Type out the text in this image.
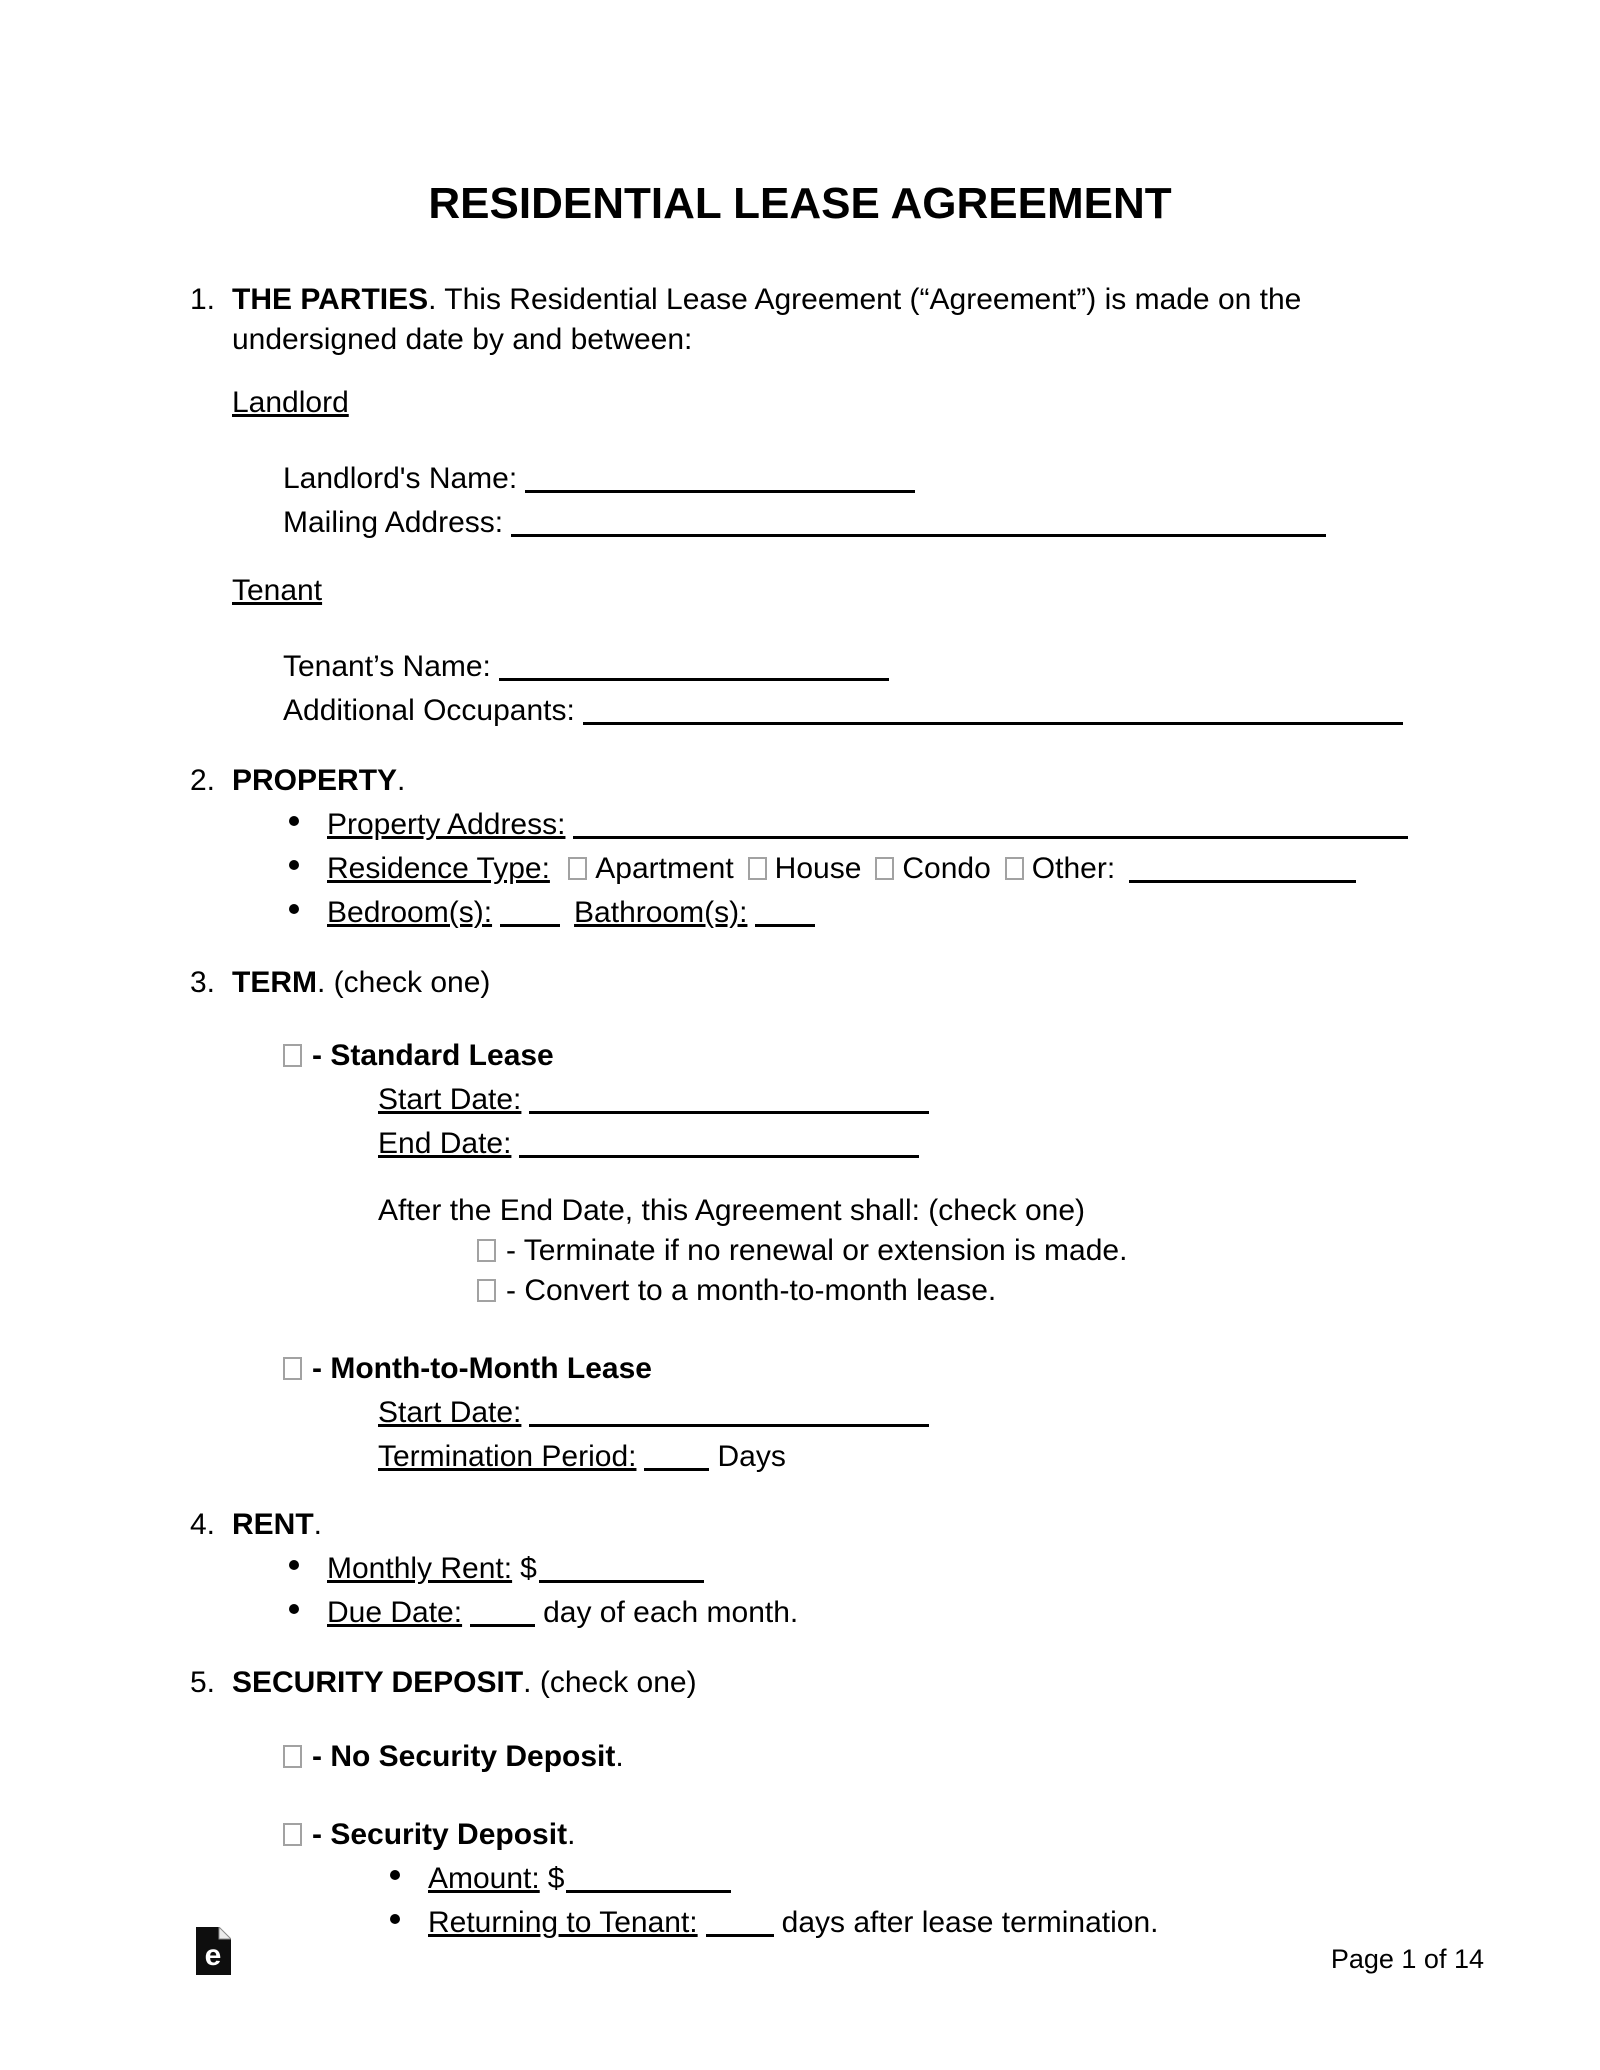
RESIDENTIAL LEASE AGREEMENT
1. THE PARTIES. This Residential Lease Agreement (“Agreement”) is made on the undersigned date by and between:

Landlord

Landlord's Name:

Mailing Address:

Tenant

Tenant’s Name:

Additional Occupants:

2. PROPERTY.

Property Address:
Residence Type: Apartment House Condo Other:
Bedroom(s):	Bathroom(s):
3. TERM. (check one)

- Standard Lease

Start Date:

End Date:

After the End Date, this Agreement shall: (check one)

- Terminate if no renewal or extension is made.
- Convert to a month-to-month lease.
- Month-to-Month Lease

Start Date:

Termination Period:	Days

4. RENT.

Monthly Rent: $
Due Date:	day of each month.
5. SECURITY DEPOSIT. (check one)

- No Security Deposit.
- Security Deposit.
Amount: $
Returning to Tenant:	days after lease termination.
e	Page 1 of 14
